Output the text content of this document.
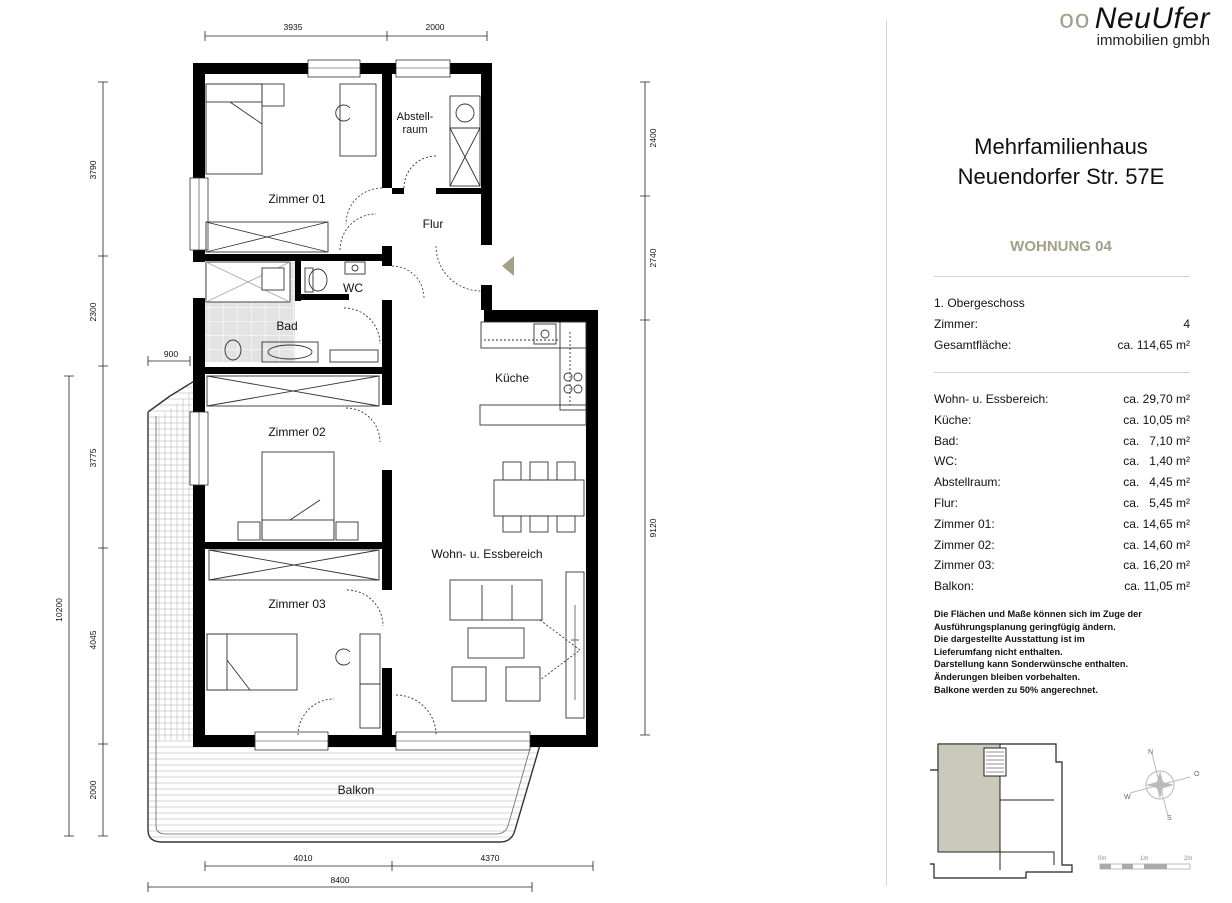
Zimmer 01
Abstell-
raum
Flur
WC
Bad
Küche
Zimmer 02
Wohn- u. Essbereich
Zimmer 03
Balkon
3935	2000
900
4010	4370
8400
3790
2300
3775
4045
2000
10200
2400
2740
9120
oo NeuUfer
immobilien gmbh
Mehrfamilienhaus
Neuendorfer Str. 57E
WOHNUNG 04
1. Obergeschoss
Zimmer:	4
Gesamtfläche:	ca. 114,65 m²
Wohn- u. Essbereich:	ca. 29,70 m²
Küche:	ca. 10,05 m²
Bad:	ca.   7,10 m²
WC:	ca.   1,40 m²
Abstellraum:	ca.   4,45 m²
Flur:	ca.   5,45 m²
Zimmer 01:	ca. 14,65 m²
Zimmer 02:	ca. 14,60 m²
Zimmer 03:	ca. 16,20 m²
Balkon:	ca. 11,05 m²
Die Flächen und Maße können sich im Zuge der
Ausführungsplanung geringfügig ändern.
Die dargestellte Ausstattung ist im
Lieferumfang nicht enthalten.
Darstellung kann Sonderwünsche enthalten.
Änderungen bleiben vorbehalten.
Balkone werden zu 50% angerechnet.
N
O
S
W
0m	1m	2m
